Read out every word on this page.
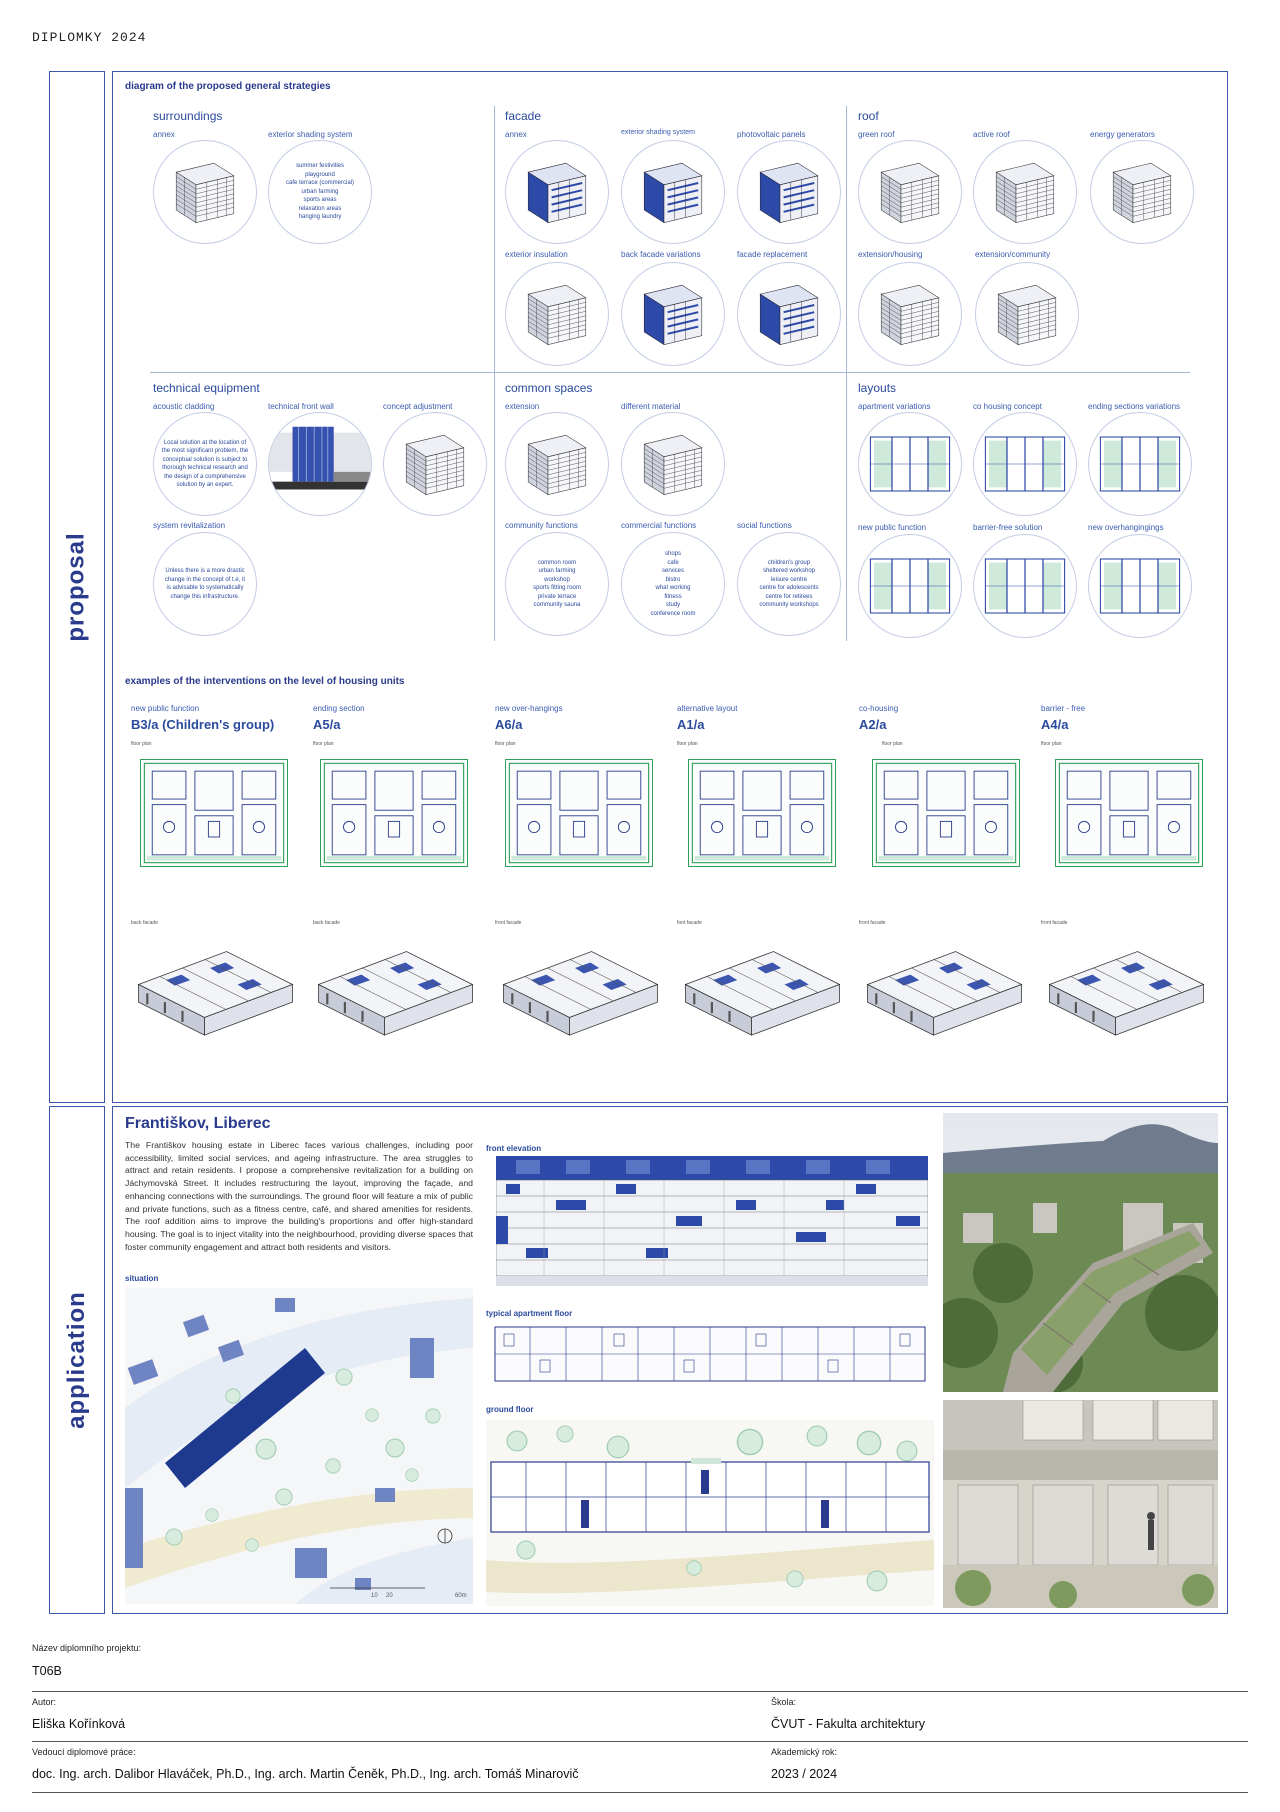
DIPLOMKY 2024
proposal
diagram of the proposed general strategies
surroundings
annex	exterior shading system
summer festivities
playground
cafe terrace (commercial)
urban farming
sports areas
relaxation areas
hanging laundry
facade
annex	exterior shading system	photovoltaic panels
exterior insulation	back facade variations	facade replacement
roof
green roof	active roof	energy generators
extension/housing	extension/community
technical equipment
acoustic cladding	technical front wall	concept adjustment
Local solution at the location of
the most significant problem, the
conceptual solution is subject to
thorough technical research and
the design of a comprehensive
solution by an expert.
system revitalization
Unless there is a more drastic
change in the concept of t.e, it
is advisable to systematically
change this infrastructure.
common spaces
extension	different material
community functions	commercial functions	social functions
common room
urban farming
workshop
sports fitting room
private terrace
community sauna
shops
cafe
services
bistro
what working
fitness
study
conference room
children's group
sheltered workshop
leisure centre
centre for adolescents
centre for retirees
community workshops
layouts
apartment variations	co housing concept	ending sections variations
new public function	barrier-free solution	new overhangingings
examples of the interventions on the level of housing units
new public function
B3/a (Children's group)
floor plan
back facade
ending section
A5/a
floor plan
back facade
new over-hangings
A6/a
floor plan
front facade
alternative layout
A1/a
floor plan
font facade
co-housing
A2/a
floor plan
front facade
barrier - free
A4/a
floor plan
front facade
application
Františkov, Liberec
The Františkov housing estate in Liberec faces various challenges, including poor accessibility, limited social services, and ageing infrastructure. The area struggles to attract and retain residents. I propose a comprehensive revitalization for a building on Jáchymovská Street. It includes restructuring the layout, improving the façade, and enhancing connections with the surroundings. The ground floor will feature a mix of public and private functions, such as a fitness centre, café, and shared amenities for residents. The roof addition aims to improve the building's proportions and offer high-standard housing. The goal is to inject vitality into the neighbourhood, providing diverse spaces that foster community engagement and attract both residents and visitors.
situation
10 20	60m
front elevation
typical apartment floor
ground floor
Název diplomního projektu:
T06B
Autor:
Eliška Kořínková
Škola:
ČVUT - Fakulta architektury
Vedoucí diplomové práce:
doc. Ing. arch. Dalibor Hlaváček, Ph.D., Ing. arch. Martin Čeněk, Ph.D., Ing. arch. Tomáš Minarovič
Akademický rok:
2023 / 2024
